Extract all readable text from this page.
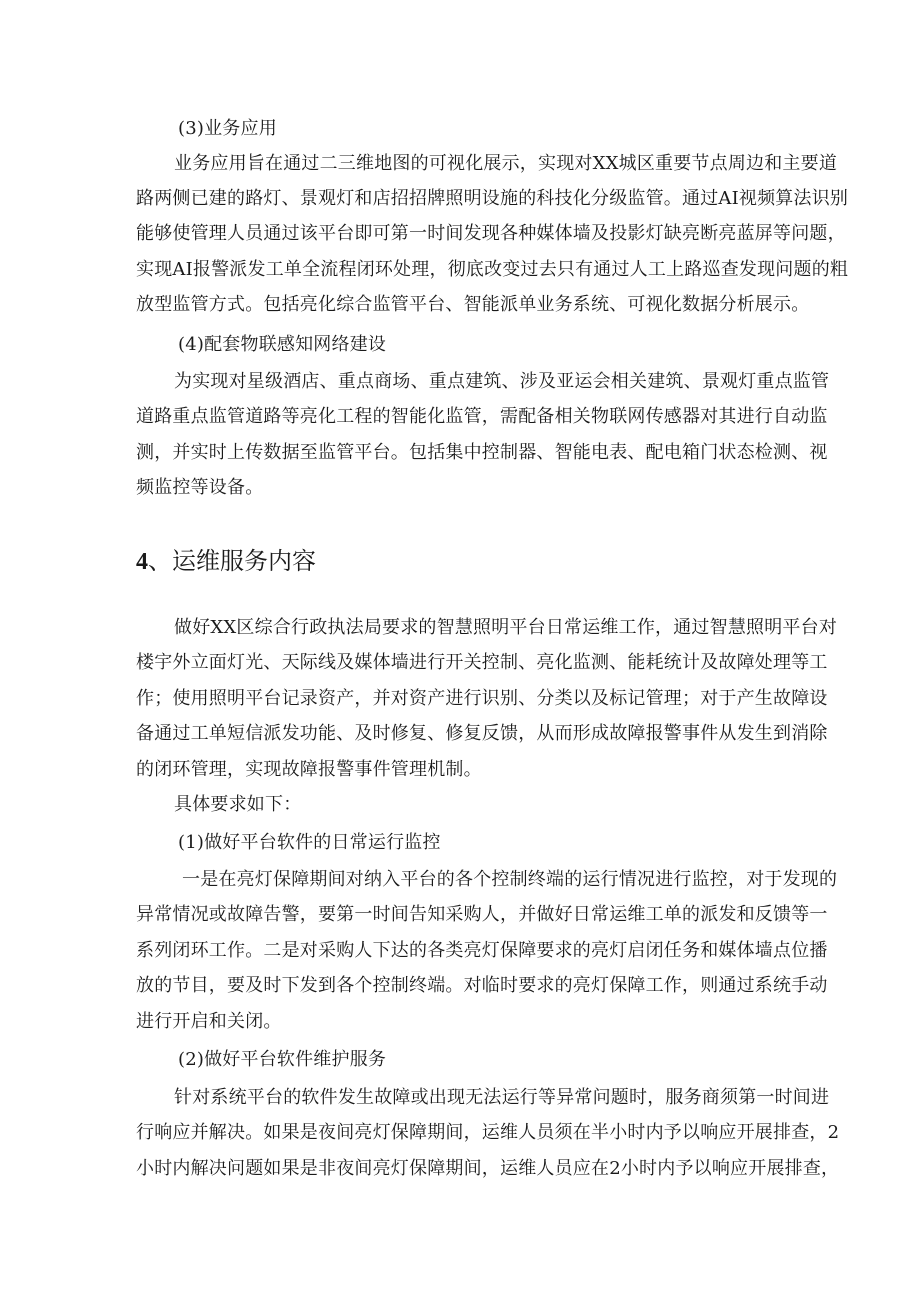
(3)业务应用
业务应用旨在通过二三维地图的可视化展示，实现对XX城区重要节点周边和主要道
路两侧已建的路灯、景观灯和店招招牌照明设施的科技化分级监管。通过AI视频算法识别
能够使管理人员通过该平台即可第一时间发现各种媒体墙及投影灯缺亮断亮蓝屏等问题，
实现AI报警派发工单全流程闭环处理，彻底改变过去只有通过人工上路巡查发现问题的粗
放型监管方式。包括亮化综合监管平台、智能派单业务系统、可视化数据分析展示。
(4)配套物联感知网络建设
为实现对星级酒店、重点商场、重点建筑、涉及亚运会相关建筑、景观灯重点监管
道路重点监管道路等亮化工程的智能化监管，需配备相关物联网传感器对其进行自动监
测，并实时上传数据至监管平台。包括集中控制器、智能电表、配电箱门状态检测、视
频监控等设备。
4、运维服务内容
做好XX区综合行政执法局要求的智慧照明平台日常运维工作，通过智慧照明平台对
楼宇外立面灯光、天际线及媒体墙进行开关控制、亮化监测、能耗统计及故障处理等工
作；使用照明平台记录资产，并对资产进行识别、分类以及标记管理；对于产生故障设
备通过工单短信派发功能、及时修复、修复反馈，从而形成故障报警事件从发生到消除
的闭环管理，实现故障报警事件管理机制。
具体要求如下：
(1)做好平台软件的日常运行监控
一是在亮灯保障期间对纳入平台的各个控制终端的运行情况进行监控，对于发现的
异常情况或故障告警，要第一时间告知采购人，并做好日常运维工单的派发和反馈等一
系列闭环工作。二是对采购人下达的各类亮灯保障要求的亮灯启闭任务和媒体墙点位播
放的节目，要及时下发到各个控制终端。对临时要求的亮灯保障工作，则通过系统手动
进行开启和关闭。
(2)做好平台软件维护服务
针对系统平台的软件发生故障或出现无法运行等异常问题时，服务商须第一时间进
行响应并解决。如果是夜间亮灯保障期间，运维人员须在半小时内予以响应开展排查，2
小时内解决问题如果是非夜间亮灯保障期间，运维人员应在2小时内予以响应开展排查，
